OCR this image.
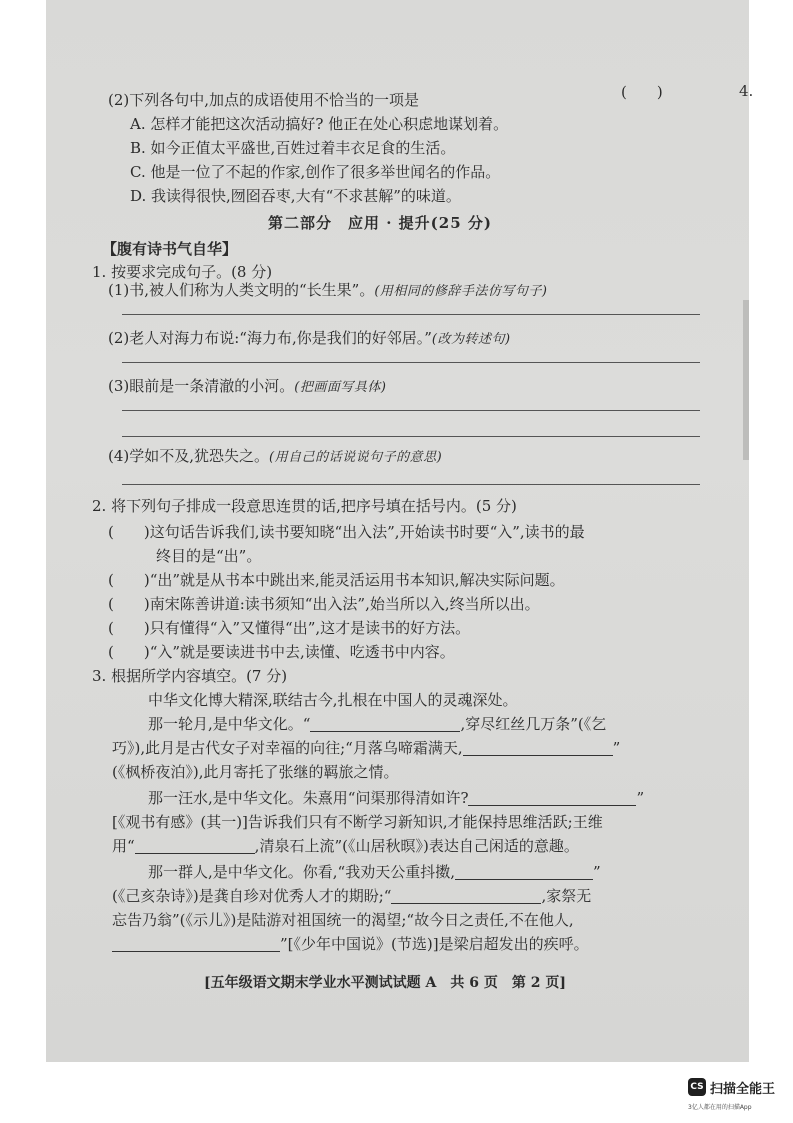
4.
(2)下列各句中,加点的成语使用不恰当的一项是	(　　)
A. 怎样才能把这次活动搞好? 他正在处心积虑地谋划着。
B. 如今正值太平盛世,百姓过着丰衣足食的生活。
C. 他是一位了不起的作家,创作了很多举世闻名的作品。
D. 我读得很快,囫囵吞枣,大有“不求甚解”的味道。
第二部分　应用 · 提升(25 分)
【腹有诗书气自华】
1. 按要求完成句子。(8 分)
(1)书,被人们称为人类文明的“长生果”。(用相同的修辞手法仿写句子)
(2)老人对海力布说:“海力布,你是我们的好邻居。”(改为转述句)
(3)眼前是一条清澈的小河。(把画面写具体)
(4)学如不及,犹恐失之。(用自己的话说说句子的意思)
2. 将下列句子排成一段意思连贯的话,把序号填在括号内。(5 分)
(　　)这句话告诉我们,读书要知晓“出入法”,开始读书时要“入”,读书的最
终目的是“出”。
(　　)“出”就是从书本中跳出来,能灵活运用书本知识,解决实际问题。
(　　)南宋陈善讲道:读书须知“出入法”,始当所以入,终当所以出。
(　　)只有懂得“入”又懂得“出”,这才是读书的好方法。
(　　)“入”就是要读进书中去,读懂、吃透书中内容。
3. 根据所学内容填空。(7 分)
中华文化博大精深,联结古今,扎根在中国人的灵魂深处。
那一轮月,是中华文化。“	,穿尽红丝几万条”(《乞
巧》),此月是古代女子对幸福的向往;“月落乌啼霜满天,	”
(《枫桥夜泊》),此月寄托了张继的羁旅之情。
那一汪水,是中华文化。朱熹用“问渠那得清如许?	”
[《观书有感》(其一)]告诉我们只有不断学习新知识,才能保持思维活跃;王维
用“	,清泉石上流”(《山居秋暝》)表达自己闲适的意趣。
那一群人,是中华文化。你看,“我劝天公重抖擞,	”
(《己亥杂诗》)是龚自珍对优秀人才的期盼;“	,家祭无
忘告乃翁”(《示儿》)是陆游对祖国统一的渴望;“故今日之责任,不在他人,
”[《少年中国说》(节选)]是梁启超发出的疾呼。
[五年级语文期末学业水平测试试题 A　共 6 页　第 2 页]
CS 扫描全能王
3亿人都在用的扫描App
